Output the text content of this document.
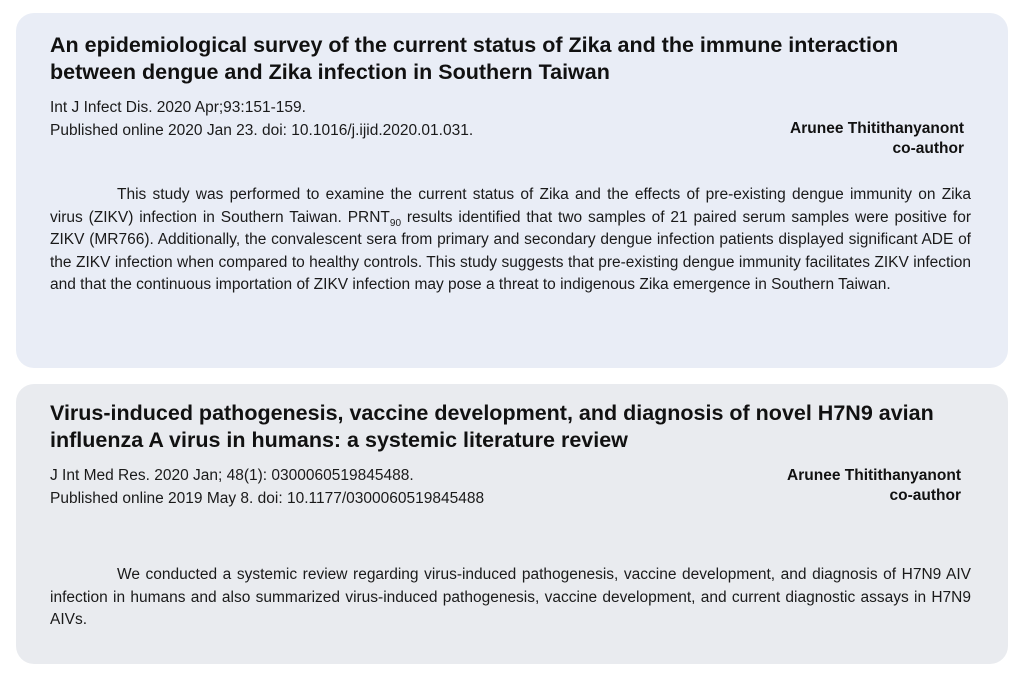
An epidemiological survey of the current status of Zika and the immune interaction between dengue and Zika infection in Southern Taiwan
Int J Infect Dis. 2020 Apr;93:151-159.
Published online 2020 Jan 23. doi: 10.1016/j.ijid.2020.01.031.	Arunee Thitithanyanont
co-author

This study was performed to examine the current status of Zika and the effects of pre-existing dengue immunity on Zika virus (ZIKV) infection in Southern Taiwan. $PRNT_{90}$ results identified that two samples of 21 paired serum samples were positive for ZIKV (MR766). Additionally, the convalescent sera from primary and secondary dengue infection patients displayed significant ADE of the ZIKV infection when compared to healthy controls. This study suggests that pre-existing dengue immunity facilitates ZIKV infection and that the continuous importation of ZIKV infection may pose a threat to indigenous Zika emergence in Southern Taiwan.

Virus-induced pathogenesis, vaccine development, and diagnosis of novel H7N9 avian influenza A virus in humans: a systemic literature review
J Int Med Res. 2020 Jan; 48(1): 0300060519845488.
Published online 2019 May 8. doi: 10.1177/0300060519845488
Arunee Thitithanyanont
co-author

We conducted a systemic review regarding virus-induced pathogenesis, vaccine development, and diagnosis of H7N9 AIV infection in humans and also summarized virus-induced pathogenesis, vaccine development, and current diagnostic assays in H7N9 AIVs.
